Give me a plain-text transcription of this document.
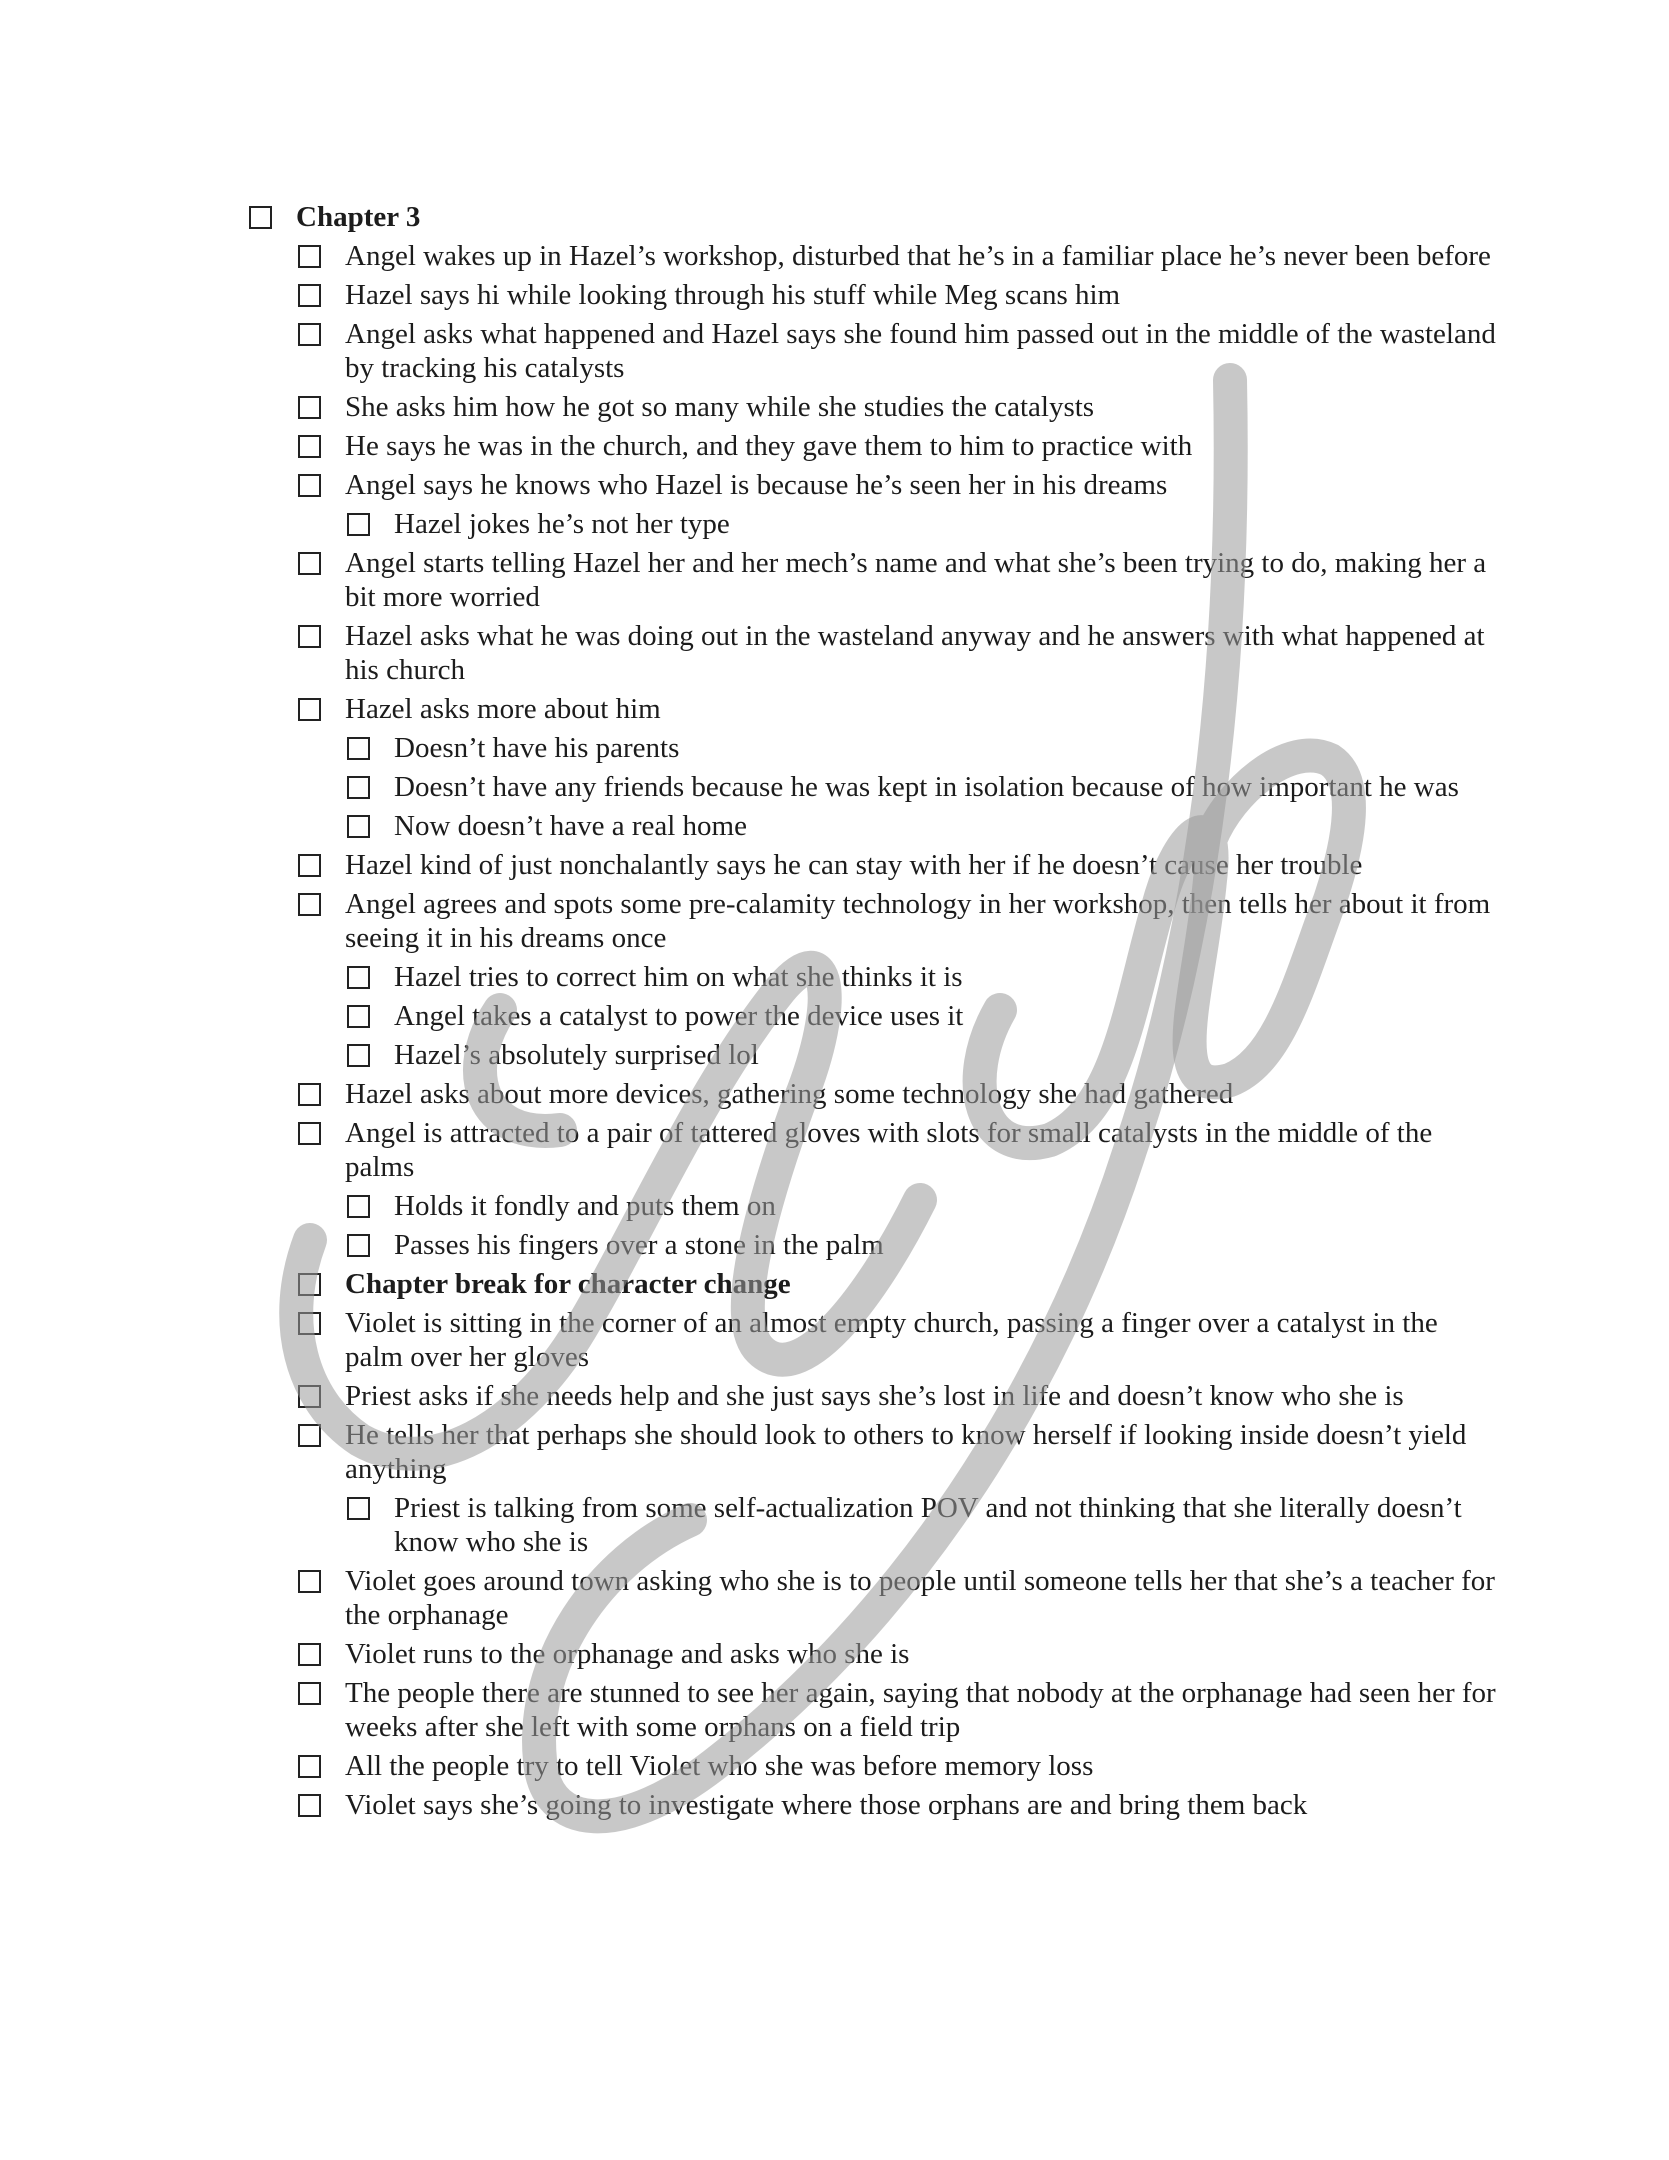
Chapter 3
Angel wakes up in Hazel’s workshop, disturbed that he’s in a familiar place he’s never been before
Hazel says hi while looking through his stuff while Meg scans him
Angel asks what happened and Hazel says she found him passed out in the middle of the wasteland by tracking his catalysts
She asks him how he got so many while she studies the catalysts
He says he was in the church, and they gave them to him to practice with
Angel says he knows who Hazel is because he’s seen her in his dreams
Hazel jokes he’s not her type
Angel starts telling Hazel her and her mech’s name and what she’s been trying to do, making her a bit more worried
Hazel asks what he was doing out in the wasteland anyway and he answers with what happened at his church
Hazel asks more about him
Doesn’t have his parents
Doesn’t have any friends because he was kept in isolation because of how important he was
Now doesn’t have a real home
Hazel kind of just nonchalantly says he can stay with her if he doesn’t cause her trouble
Angel agrees and spots some pre-calamity technology in her workshop, then tells her about it from seeing it in his dreams once
Hazel tries to correct him on what she thinks it is
Angel takes a catalyst to power the device uses it
Hazel’s absolutely surprised lol
Hazel asks about more devices, gathering some technology she had gathered
Angel is attracted to a pair of tattered gloves with slots for small catalysts in the middle of the palms
Holds it fondly and puts them on
Passes his fingers over a stone in the palm
Chapter break for character change
Violet is sitting in the corner of an almost empty church, passing a finger over a catalyst in the palm over her gloves
Priest asks if she needs help and she just says she’s lost in life and doesn’t know who she is
He tells her that perhaps she should look to others to know herself if looking inside doesn’t yield anything
Priest is talking from some self-actualization POV and not thinking that she literally doesn’t know who she is
Violet goes around town asking who she is to people until someone tells her that she’s a teacher for the orphanage
Violet runs to the orphanage and asks who she is
The people there are stunned to see her again, saying that nobody at the orphanage had seen her for weeks after she left with some orphans on a field trip
All the people try to tell Violet who she was before memory loss
Violet says she’s going to investigate where those orphans are and bring them back
